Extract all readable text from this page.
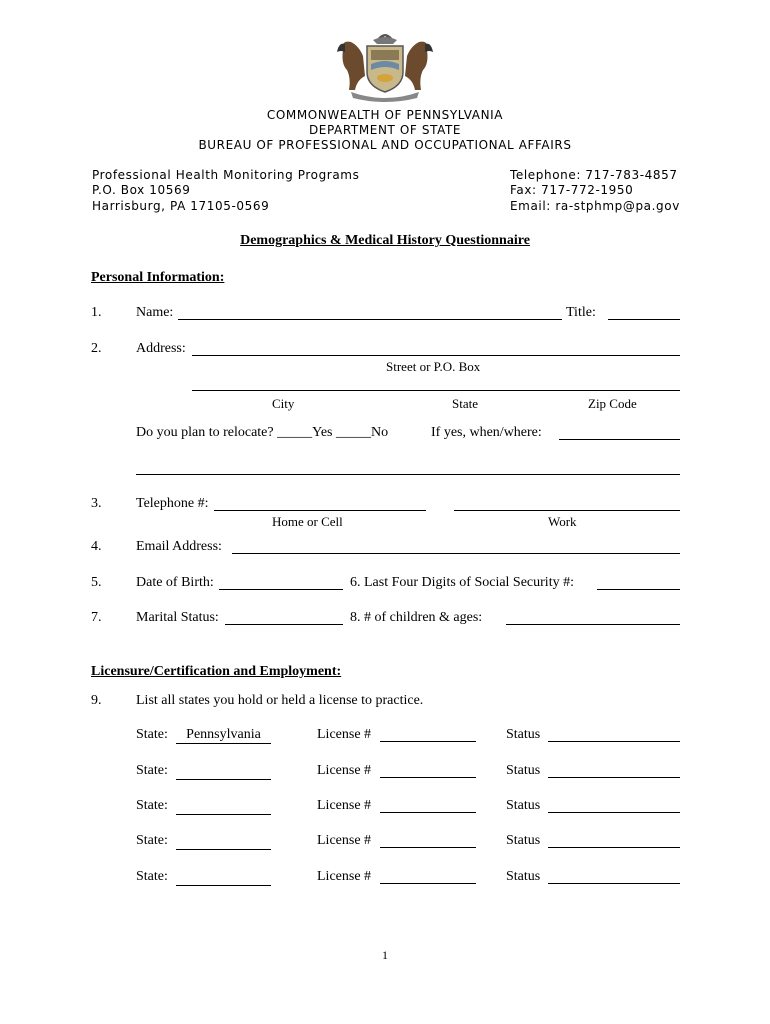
COMMONWEALTH OF PENNSYLVANIA
DEPARTMENT OF STATE
BUREAU OF PROFESSIONAL AND OCCUPATIONAL AFFAIRS
Professional Health Monitoring Programs
P.O. Box 10569
Harrisburg, PA 17105-0569
Telephone: 717-783-4857
Fax: 717-772-1950
Email: ra-stphmp@pa.gov
Demographics & Medical History Questionnaire
Personal Information:
1. Name:	Title:
2. Address:
Street or P.O. Box
City	State	Zip Code
Do you plan to relocate? _____Yes _____No	If yes, when/where:
3. Telephone #:
Home or Cell	Work
4. Email Address:
5. Date of Birth:	6. Last Four Digits of Social Security #:
7. Marital Status:	8. # of children & ages:
Licensure/Certification and Employment:
9. List all states you hold or held a license to practice.
State:	Pennsylvania	License #	Status
State:	License #	Status
State:	License #	Status
State:	License #	Status
State:	License #	Status
1
